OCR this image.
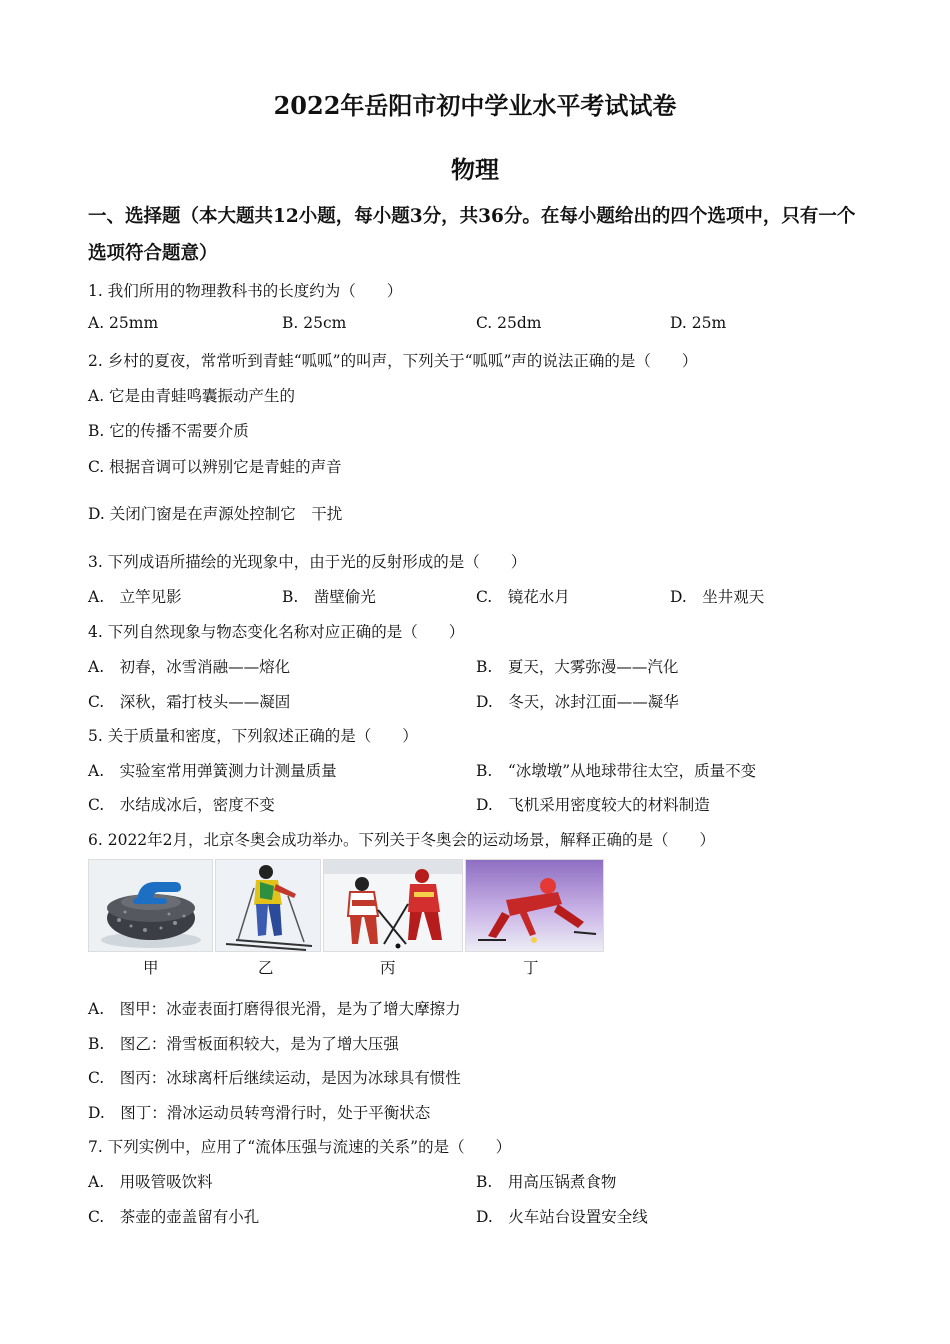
2022年岳阳市初中学业水平考试试卷
物理
一、选择题（本大题共12小题，每小题3分，共36分。在每小题给出的四个选项中，只有一个选项符合题意）
1. 我们所用的物理教科书的长度约为（　　）
A. 25mm	B. 25cm	C. 25dm	D. 25m
2. 乡村的夏夜，常常听到青蛙“呱呱”的叫声，下列关于“呱呱”声的说法正确的是（　　）
A. 它是由青蛙鸣囊振动产生的
B. 它的传播不需要介质
C. 根据音调可以辨别它是青蛙的声音
D. 关闭门窗是在声源处控制它　干扰
3. 下列成语所描绘的光现象中，由于光的反射形成的是（　　）
A.　立竿见影	B.　凿壁偷光	C.　镜花水月	D.　坐井观天
4. 下列自然现象与物态变化名称对应正确的是（　　）
A.　初春，冰雪消融——熔化	B.　夏天，大雾弥漫——汽化
C.　深秋，霜打枝头——凝固	D.　冬天，冰封江面——凝华
5. 关于质量和密度，下列叙述正确的是（　　）
A.　实验室常用弹簧测力计测量质量	B.　“冰墩墩”从地球带往太空，质量不变
C.　水结成冰后，密度不变	D.　飞机采用密度较大的材料制造
6. 2022年2月，北京冬奥会成功举办。下列关于冬奥会的运动场景，解释正确的是（　　）
甲	乙	丙	丁
A.　图甲：冰壶表面打磨得很光滑，是为了增大摩擦力
B.　图乙：滑雪板面积较大，是为了增大压强
C.　图丙：冰球离杆后继续运动，是因为冰球具有惯性
D.　图丁：滑冰运动员转弯滑行时，处于平衡状态
7. 下列实例中，应用了“流体压强与流速的关系”的是（　　）
A.　用吸管吸饮料	B.　用高压锅煮食物
C.　茶壶的壶盖留有小孔	D.　火车站台设置安全线
